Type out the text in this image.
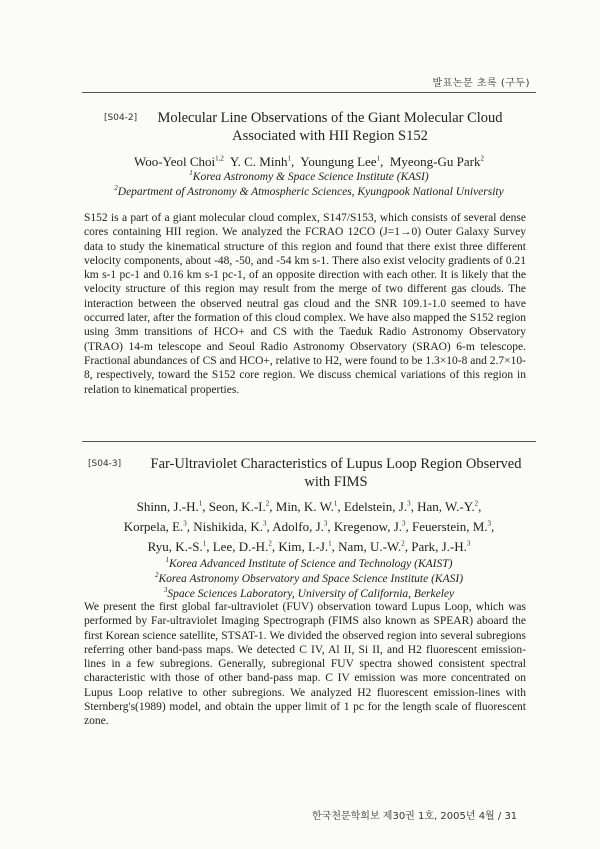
발표논문 초록 (구두)
[S04-2]	Molecular Line Observations of the Giant Molecular Cloud
Associated with HII Region S152
Woo-Yeol Choi$^{1,2}$ Y. C. Minh$^1$,  Youngung Lee$^1$,  Myeong-Gu Park$^2$
$^1$Korea Astronomy & Space Science Institute (KASI)
$^2$Department of Astronomy & Atmospheric Sciences, Kyungpook National University

S152 is a part of a giant molecular cloud complex, S147/S153, which consists of several dense cores containing HII region. We analyzed the FCRAO 12CO (J=1→0) Outer Galaxy Survey data to study the kinematical structure of this region and found that there exist three different velocity components, about -48, -50, and -54 km s-1. There also exist velocity gradients of 0.21 km s-1 pc-1 and 0.16 km s-1 pc-1, of an opposite direction with each other. It is likely that the velocity structure of this region may result from the merge of two different gas clouds. The interaction between the observed neutral gas cloud and the SNR 109.1-1.0 seemed to have occurred later, after the formation of this cloud complex. We have also mapped the S152 region using 3mm transitions of HCO+ and CS with the Taeduk Radio Astronomy Observatory (TRAO) 14-m telescope and Seoul Radio Astronomy Observatory (SRAO) 6-m telescope. Fractional abundances of CS and HCO+, relative to H2, were found to be 1.3×10-8 and 2.7×10-8, respectively, toward the S152 core region. We discuss chemical variations of this region in relation to kinematical properties.

[S04-3]	Far-Ultraviolet Characteristics of Lupus Loop Region Observed
with FIMS
Shinn, J.-H.$^1$, Seon, K.-I.$^2$, Min, K. W.$^1$, Edelstein, J.$^3$, Han, W.-Y.$^2$,
Korpela, E.$^3$, Nishikida, K.$^3$, Adolfo, J.$^3$, Kregenow, J.$^3$, Feuerstein, M.$^3$,
Ryu, K.-S.$^1$, Lee, D.-H.$^2$, Kim, I.-J.$^1$, Nam, U.-W.$^2$, Park, J.-H.$^3$
$^1$Korea Advanced Institute of Science and Technology (KAIST)
$^2$Korea Astronomy Observatory and Space Science Institute (KASI)
$^3$Space Sciences Laboratory, University of California, Berkeley

We present the first global far-ultraviolet (FUV) observation toward Lupus Loop, which was performed by Far-ultraviolet Imaging Spectrograph (FIMS also known as SPEAR) aboard the first Korean science satellite, STSAT-1. We divided the observed region into several subregions referring other band-pass maps. We detected C IV, Al II, Si II, and H2 fluorescent emission-lines in a few subregions. Generally, subregional FUV spectra showed consistent spectral characteristic with those of other band-pass map. C IV emission was more concentrated on Lupus Loop relative to other subregions. We analyzed H2 fluorescent emission-lines with Sternberg's(1989) model, and obtain the upper limit of 1 pc for the length scale of fluorescent zone.

한국천문학회보 제30권 1호, 2005년 4월 / 31
